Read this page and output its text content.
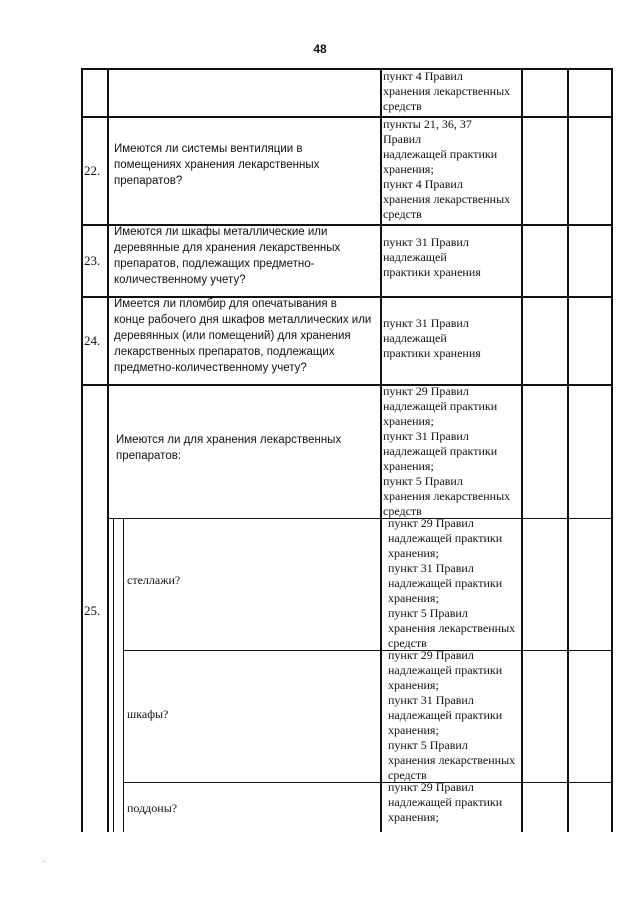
48
пункт 4 Правил
хранения лекарственных
средств
22.
Имеются ли системы вентиляции в
помещениях хранения лекарственных
препаратов?
пункты 21, 36, 37
Правил
надлежащей практики
хранения;
пункт 4 Правил
хранения лекарственных
средств
23.
Имеются ли шкафы металлические или
деревянные для хранения лекарственных
препаратов, подлежащих предметно-
количественному учету?
пункт 31 Правил
надлежащей
практики хранения
24.
Имеется ли пломбир для опечатывания в
конце рабочего дня шкафов металлических или
деревянных (или помещений) для хранения
лекарственных препаратов, подлежащих
предметно-количественному учету?
пункт 31 Правил
надлежащей
практики хранения
25.
Имеются ли для хранения лекарственных
препаратов:
пункт 29 Правил
надлежащей практики
хранения;
пункт 31 Правил
надлежащей практики
хранения;
пункт 5 Правил
хранения лекарственных
средств
стеллажи?
пункт 29 Правил
надлежащей практики
хранения;
пункт 31 Правил
надлежащей практики
хранения;
пункт 5 Правил
хранения лекарственных
средств
шкафы?
пункт 29 Правил
надлежащей практики
хранения;
пункт 31 Правил
надлежащей практики
хранения;
пункт 5 Правил
хранения лекарственных
средств
поддоны?
пункт 29 Правил
надлежащей практики
хранения;
